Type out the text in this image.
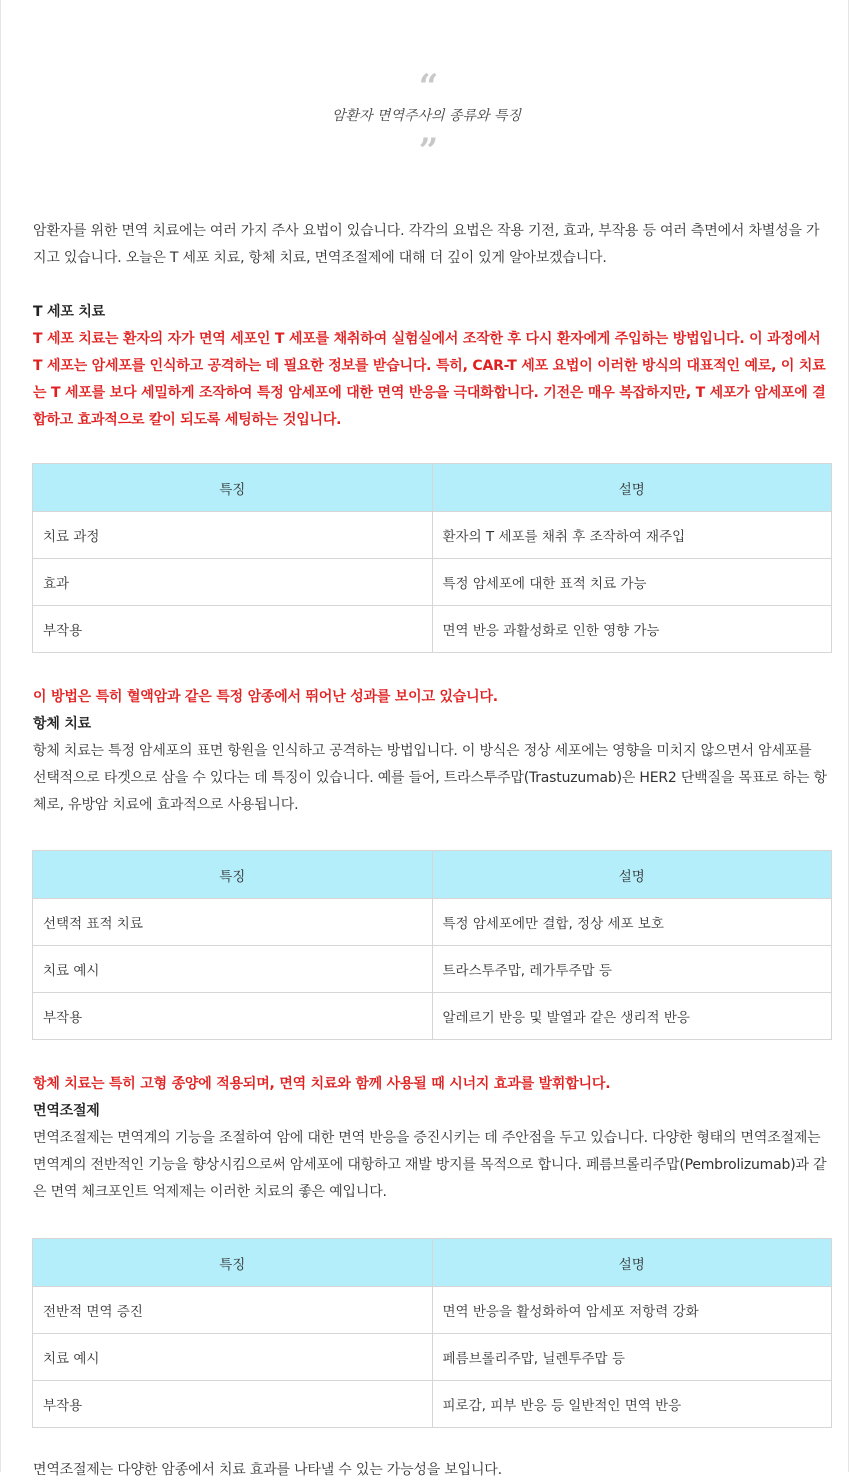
“
암환자 면역주사의 종류와 특징
”

암환자를 위한 면역 치료에는 여러 가지 주사 요법이 있습니다. 각각의 요법은 작용 기전, 효과, 부작용 등 여러 측면에서 차별성을 가지고 있습니다. 오늘은 T 세포 치료, 항체 치료, 면역조절제에 대해 더 깊이 있게 알아보겠습니다.

T 세포 치료

T 세포 치료는 환자의 자가 면역 세포인 T 세포를 채취하여 실험실에서 조작한 후 다시 환자에게 주입하는 방법입니다. 이 과정에서 T 세포는 암세포를 인식하고 공격하는 데 필요한 정보를 받습니다. 특히, CAR-T 세포 요법이 이러한 방식의 대표적인 예로, 이 치료는 T 세포를 보다 세밀하게 조작하여 특정 암세포에 대한 면역 반응을 극대화합니다. 기전은 매우 복잡하지만, T 세포가 암세포에 결합하고 효과적으로 칼이 되도록 세팅하는 것입니다.

특징	설명
치료 과정	환자의 T 세포를 채취 후 조작하여 재주입
효과	특정 암세포에 대한 표적 치료 가능
부작용	면역 반응 과활성화로 인한 영향 가능

이 방법은 특히 혈액암과 같은 특정 암종에서 뛰어난 성과를 보이고 있습니다.

항체 치료

항체 치료는 특정 암세포의 표면 항원을 인식하고 공격하는 방법입니다. 이 방식은 정상 세포에는 영향을 미치지 않으면서 암세포를 선택적으로 타겟으로 삼을 수 있다는 데 특징이 있습니다. 예를 들어, 트라스투주맙(Trastuzumab)은 HER2 단백질을 목표로 하는 항체로, 유방암 치료에 효과적으로 사용됩니다.

특징	설명
선택적 표적 치료	특정 암세포에만 결합, 정상 세포 보호
치료 예시	트라스투주맙, 레가투주맙 등
부작용	알레르기 반응 및 발열과 같은 생리적 반응

항체 치료는 특히 고형 종양에 적용되며, 면역 치료와 함께 사용될 때 시너지 효과를 발휘합니다.

면역조절제

면역조절제는 면역계의 기능을 조절하여 암에 대한 면역 반응을 증진시키는 데 주안점을 두고 있습니다. 다양한 형태의 면역조절제는 면역계의 전반적인 기능을 향상시킴으로써 암세포에 대항하고 재발 방지를 목적으로 합니다. 페름브롤리주맙(Pembrolizumab)과 같은 면역 체크포인트 억제제는 이러한 치료의 좋은 예입니다.

특징	설명
전반적 면역 증진	면역 반응을 활성화하여 암세포 저항력 강화
치료 예시	페름브롤리주맙, 닐렌투주맙 등
부작용	피로감, 피부 반응 등 일반적인 면역 반응

면역조절제는 다양한 암종에서 치료 효과를 나타낼 수 있는 가능성을 보입니다.
